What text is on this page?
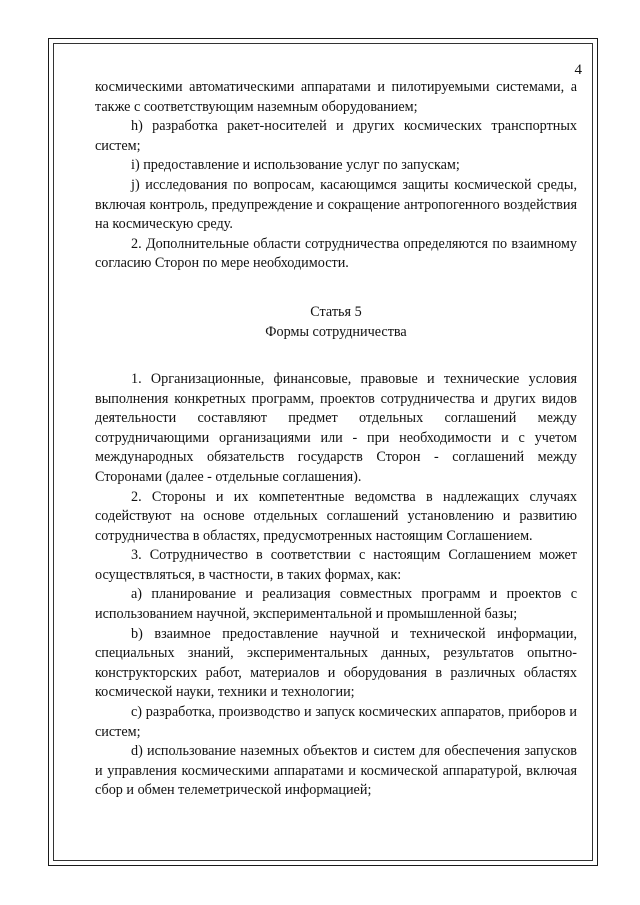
4

космическими автоматическими аппаратами и пилотируемыми системами, а также с соответствующим наземным оборудованием;

h) разработка ракет-носителей и других космических транспортных систем;

i) предоставление и использование услуг по запускам;

j) исследования по вопросам, касающимся защиты космической среды, включая контроль, предупреждение и сокращение антропогенного воздействия на космическую среду.

2. Дополнительные области сотрудничества определяются по взаимному согласию Сторон по мере необходимости.

Статья 5
Формы сотрудничества

1. Организационные, финансовые, правовые и технические условия выполнения конкретных программ, проектов сотрудничества и других видов деятельности составляют предмет отдельных соглашений между сотрудничающими организациями или - при необходимости и с учетом международных обязательств государств Сторон - соглашений между Сторонами (далее - отдельные соглашения).

2. Стороны и их компетентные ведомства в надлежащих случаях содействуют на основе отдельных соглашений установлению и развитию сотрудничества в областях, предусмотренных настоящим Соглашением.

3. Сотрудничество в соответствии с настоящим Соглашением может осуществляться, в частности, в таких формах, как:

a) планирование и реализация совместных программ и проектов с использованием научной, экспериментальной и промышленной базы;

b) взаимное предоставление научной и технической информации, специальных знаний, экспериментальных данных, результатов опытно-конструкторских работ, материалов и оборудования в различных областях космической науки, техники и технологии;

c) разработка, производство и запуск космических аппаратов, приборов и систем;

d) использование наземных объектов и систем для обеспечения запусков и управления космическими аппаратами и космической аппаратурой, включая сбор и обмен телеметрической информацией;
